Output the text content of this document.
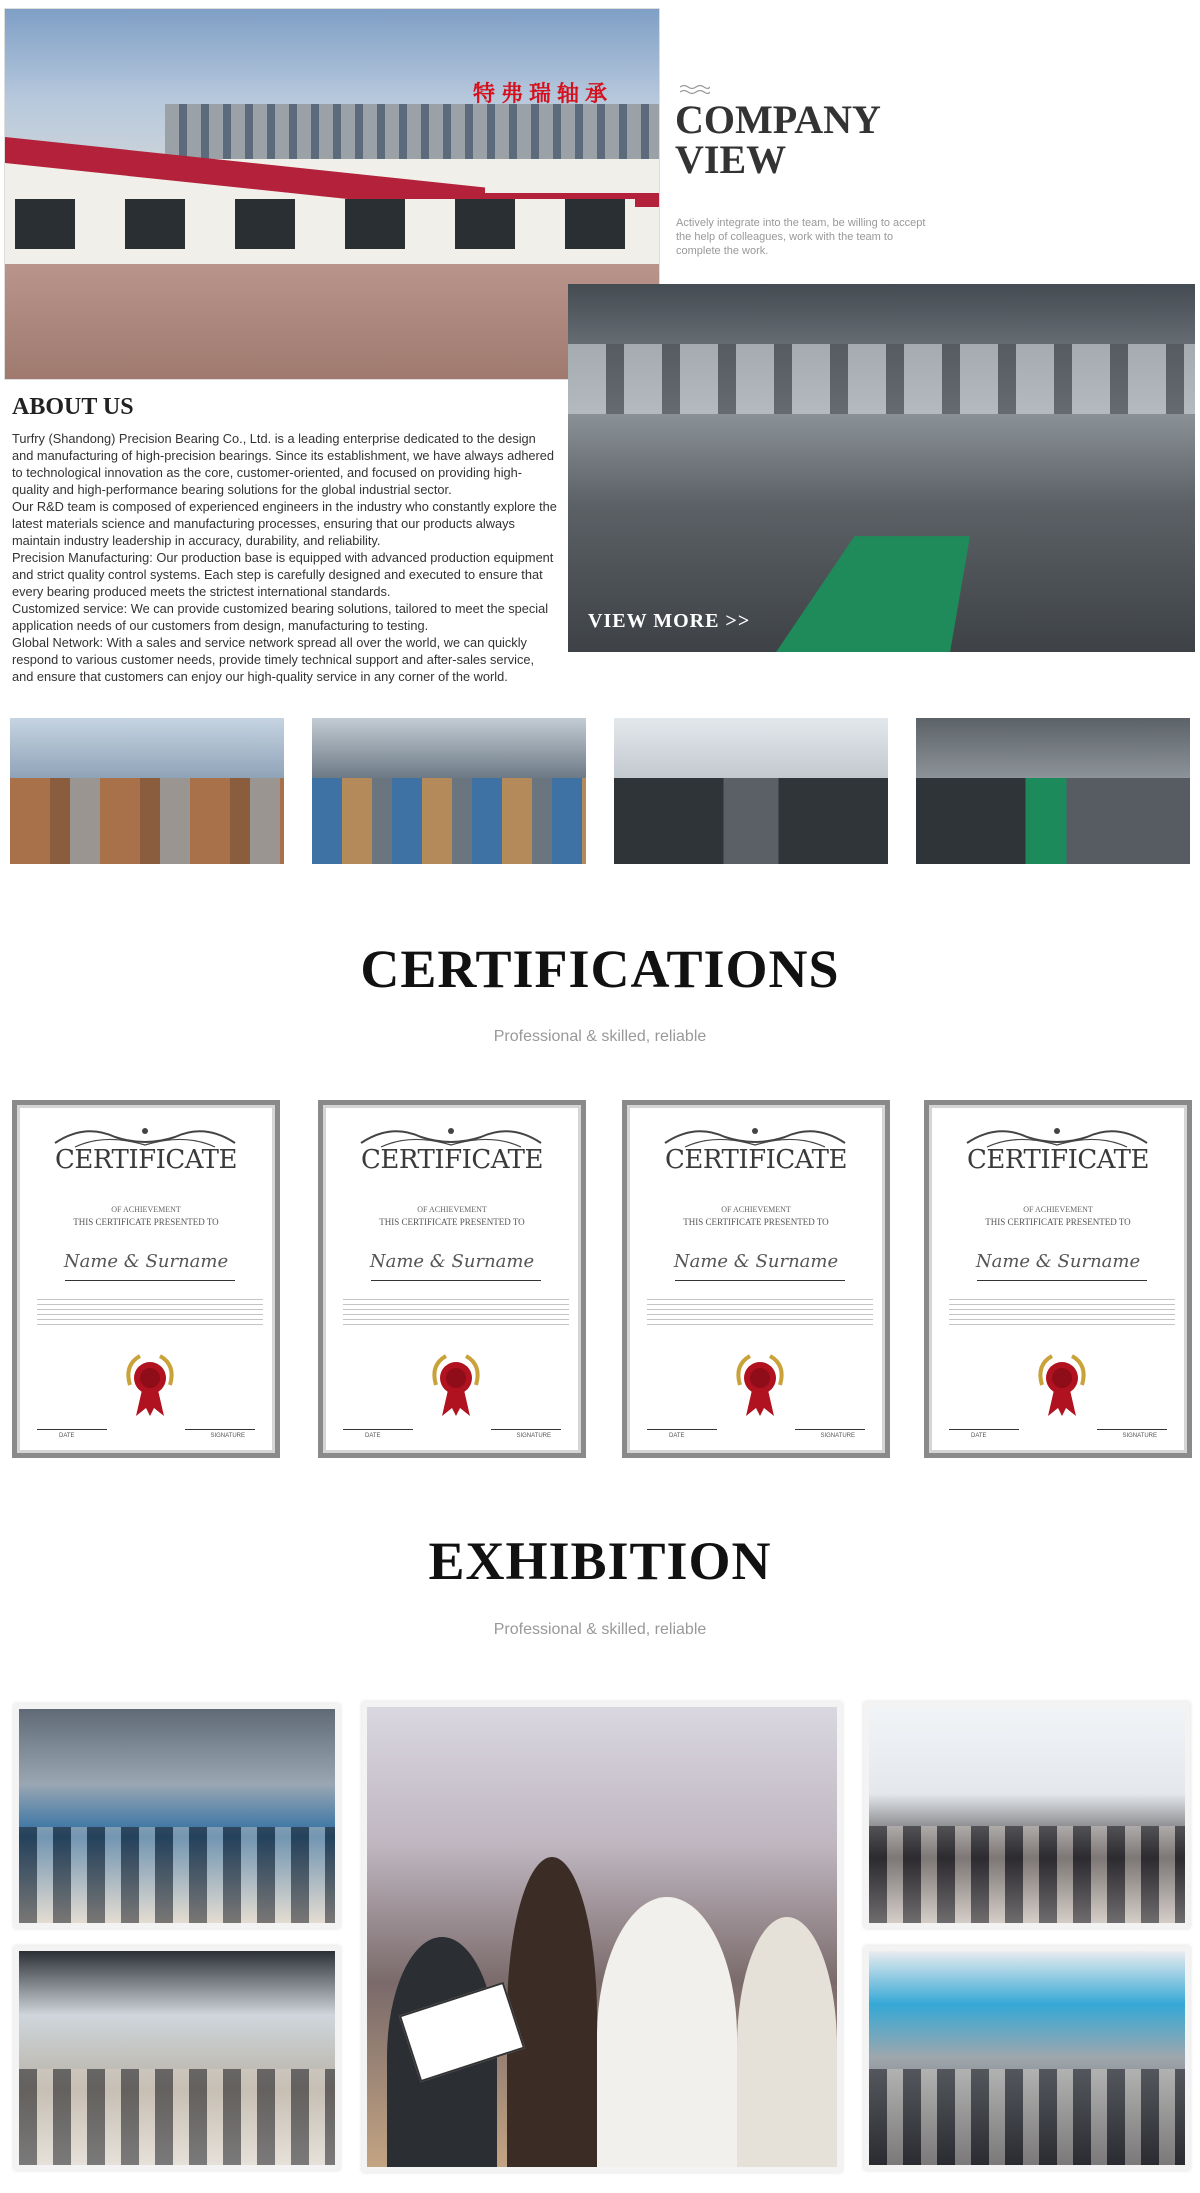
特弗瑞轴承
COMPANY
VIEW
Actively integrate into the team, be willing to accept the help of colleagues, work with the team to complete the work.
ABOUT US

Turfry (Shandong) Precision Bearing Co., Ltd. is a leading enterprise dedicated to the design and manufacturing of high-precision bearings. Since its establishment, we have always adhered to technological innovation as the core, customer-oriented, and focused on providing high-quality and high-performance bearing solutions for the global industrial sector.

Our R&D team is composed of experienced engineers in the industry who constantly explore the latest materials science and manufacturing processes, ensuring that our products always maintain industry leadership in accuracy, durability, and reliability.

Precision Manufacturing: Our production base is equipped with advanced production equipment and strict quality control systems. Each step is carefully designed and executed to ensure that every bearing produced meets the strictest international standards.

Customized service: We can provide customized bearing solutions, tailored to meet the special application needs of our customers from design, manufacturing to testing.

Global Network: With a sales and service network spread all over the world, we can quickly respond to various customer needs, provide timely technical support and after-sales service, and ensure that customers can enjoy our high-quality service in any corner of the world.

VIEW MORE >>
CERTIFICATIONS
Professional & skilled, reliable
CERTIFICATE
OF ACHIEVEMENT
THIS CERTIFICATE PRESENTED TO
Name & Surname
DATE	SIGNATURE
CERTIFICATE
OF ACHIEVEMENT
THIS CERTIFICATE PRESENTED TO
Name & Surname
DATE	SIGNATURE
CERTIFICATE
OF ACHIEVEMENT
THIS CERTIFICATE PRESENTED TO
Name & Surname
DATE	SIGNATURE
CERTIFICATE
OF ACHIEVEMENT
THIS CERTIFICATE PRESENTED TO
Name & Surname
DATE	SIGNATURE
EXHIBITION
Professional & skilled, reliable
